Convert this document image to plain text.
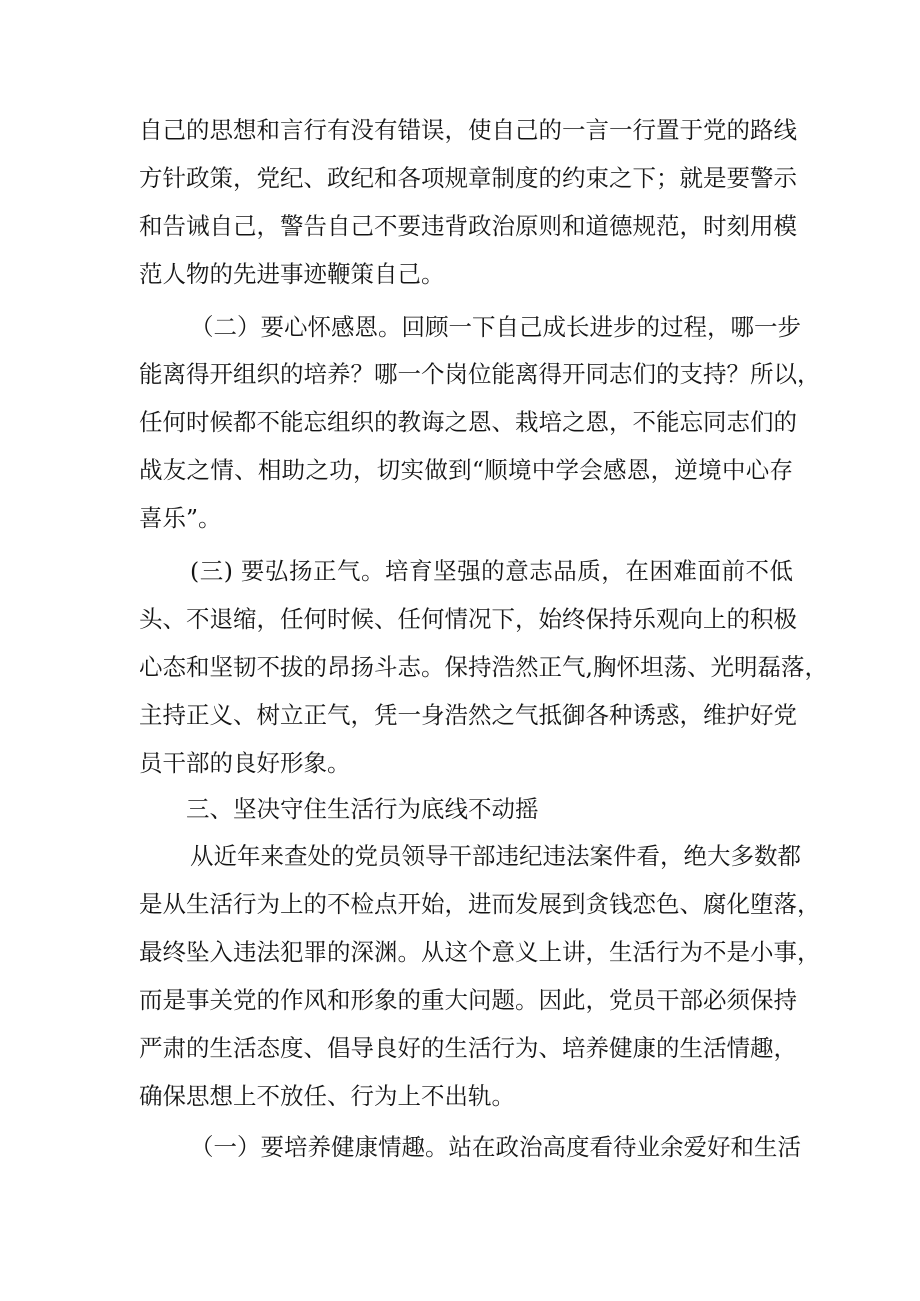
自己的思想和言行有没有错误，使自己的一言一行置于党的路线
方针政策，党纪、政纪和各项规章制度的约束之下；就是要警示
和告诫自己，警告自己不要违背政治原则和道德规范，时刻用模
范人物的先进事迹鞭策自己。
（二）要心怀感恩。回顾一下自己成长进步的过程，哪一步
能离得开组织的培养？哪一个岗位能离得开同志们的支持？所以，
任何时候都不能忘组织的教诲之恩、栽培之恩，不能忘同志们的
战友之情、相助之功，切实做到“顺境中学会感恩，逆境中心存
喜乐”。
(三) 要弘扬正气。培育坚强的意志品质，在困难面前不低
头、不退缩，任何时候、任何情况下，始终保持乐观向上的积极
心态和坚韧不拔的昂扬斗志。保持浩然正气,胸怀坦荡、光明磊落，
主持正义、树立正气，凭一身浩然之气抵御各种诱惑，维护好党
员干部的良好形象。
三、坚决守住生活行为底线不动摇
从近年来查处的党员领导干部违纪违法案件看，绝大多数都
是从生活行为上的不检点开始，进而发展到贪钱恋色、腐化堕落，
最终坠入违法犯罪的深渊。从这个意义上讲，生活行为不是小事，
而是事关党的作风和形象的重大问题。因此，党员干部必须保持
严肃的生活态度、倡导良好的生活行为、培养健康的生活情趣，
确保思想上不放任、行为上不出轨。
（一）要培养健康情趣。站在政治高度看待业余爱好和生活
